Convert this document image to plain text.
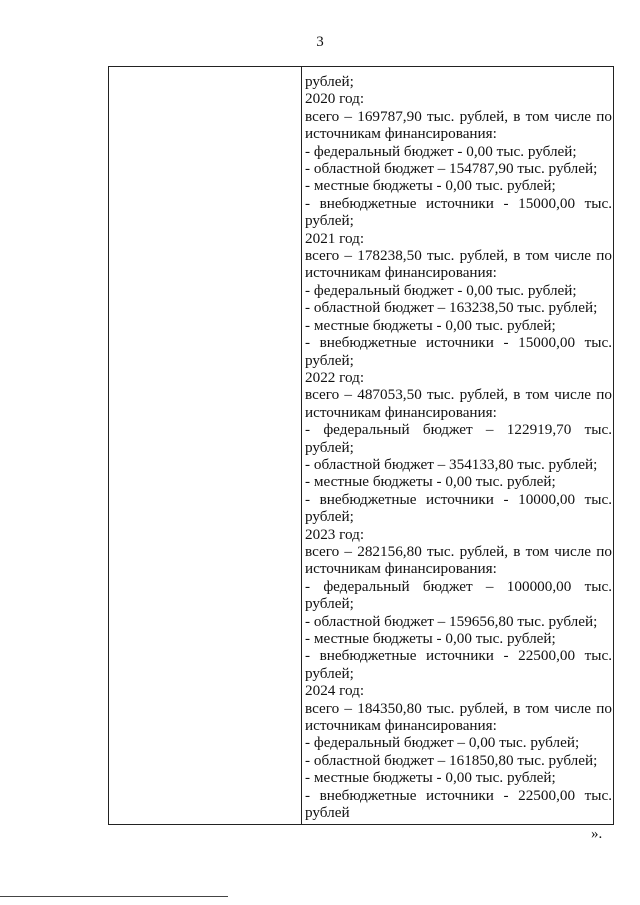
3
рублей;
2020 год:
всего – 169787,90 тыс. рублей, в том числе по
источникам финансирования:
- федеральный бюджет - 0,00 тыс. рублей;
- областной бюджет – 154787,90 тыс. рублей;
- местные бюджеты - 0,00 тыс. рублей;
- внебюджетные источники - 15000,00 тыс.
рублей;
2021 год:
всего – 178238,50 тыс. рублей, в том числе по
источникам финансирования:
- федеральный бюджет - 0,00 тыс. рублей;
- областной бюджет – 163238,50 тыс. рублей;
- местные бюджеты - 0,00 тыс. рублей;
- внебюджетные источники - 15000,00 тыс.
рублей;
2022 год:
всего – 487053,50 тыс. рублей, в том числе по
источникам финансирования:
- федеральный бюджет – 122919,70 тыс.
рублей;
- областной бюджет – 354133,80 тыс. рублей;
- местные бюджеты - 0,00 тыс. рублей;
- внебюджетные источники - 10000,00 тыс.
рублей;
2023 год:
всего – 282156,80 тыс. рублей, в том числе по
источникам финансирования:
- федеральный бюджет – 100000,00 тыс.
рублей;
- областной бюджет – 159656,80 тыс. рублей;
- местные бюджеты - 0,00 тыс. рублей;
- внебюджетные источники - 22500,00 тыс.
рублей;
2024 год:
всего – 184350,80 тыс. рублей, в том числе по
источникам финансирования:
- федеральный бюджет – 0,00 тыс. рублей;
- областной бюджет – 161850,80 тыс. рублей;
- местные бюджеты - 0,00 тыс. рублей;
- внебюджетные источники - 22500,00 тыс.
рублей
».
